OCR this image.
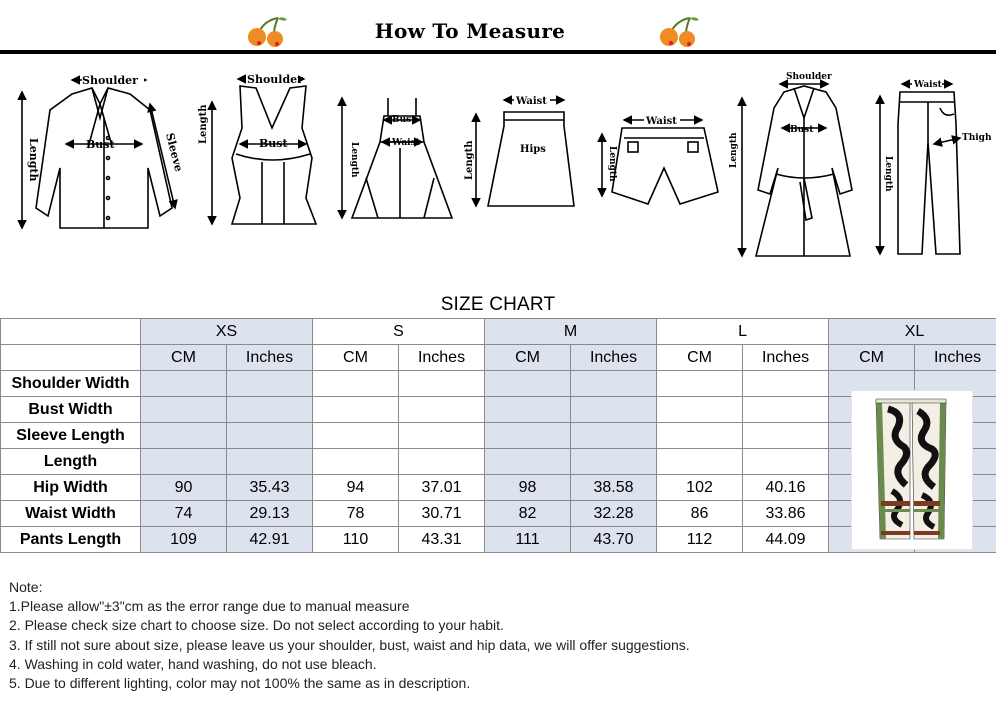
How To Measure
Shoulder
Bust
Length	Sleeve
Shoulder
Bust
Length	Bust
Waist
Length
Waist
Hips
Length
Waist
Length
Shoulder
Bust
Length
Waist
Thigh
Length
SIZE CHART
	XS		S		M		L		XL	
	CM	Inches	CM	Inches	CM	Inches	CM	Inches	CM	Inches
Shoulder Width										
Bust Width										
Sleeve Length										
Length										
Hip Width	90	35.43	94	37.01	98	38.58	102	40.16		
Waist Width	74	29.13	78	30.71	82	32.28	86	33.86		
Pants Length	109	42.91	110	43.31	111	43.70	112	44.09		
Note:
1.Please allow"±3"cm as the error range due to manual measure
2. Please check size chart to choose size. Do not select according to your habit.
3. If still not sure about size, please leave us your shoulder, bust, waist and hip data, we will offer suggestions.
4. Washing in cold water, hand washing, do not use bleach.
5. Due to different lighting, color may not 100% the same as in description.
